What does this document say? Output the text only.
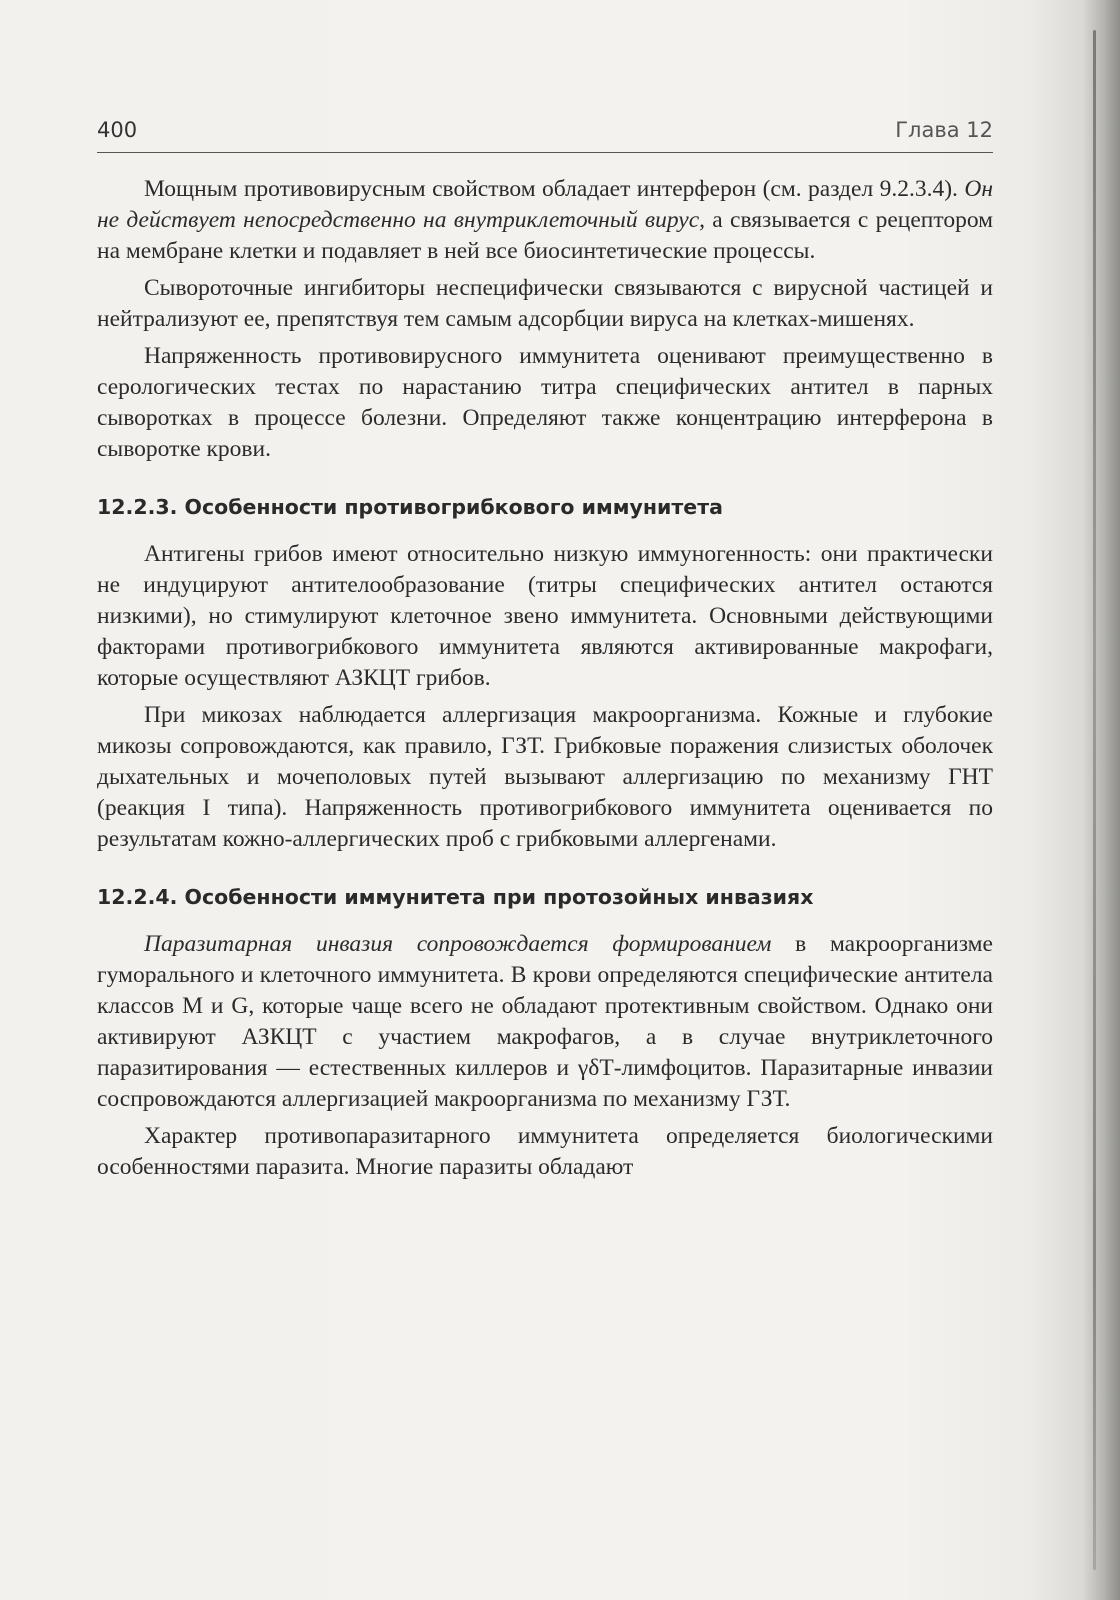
400	Глава 12

Мощным противовирусным свойством обладает интерферон (см. раздел 9.2.3.4). Он не действует непосредственно на внутриклеточный вирус, а связывается с рецептором на мембране клетки и подавляет в ней все биосинтетические процессы.

Сывороточные ингибиторы неспецифически связываются с вирусной частицей и нейтрализуют ее, препятствуя тем самым адсорбции вируса на клетках-мишенях.

Напряженность противовирусного иммунитета оценивают преимущественно в серологических тестах по нарастанию титра специфических антител в парных сыворотках в процессе болезни. Определяют также концентрацию интерферона в сыворотке крови.

12.2.3. Особенности противогрибкового иммунитета

Антигены грибов имеют относительно низкую иммуногенность: они практически не индуцируют антителообразование (титры специфических антител остаются низкими), но стимулируют клеточное звено иммунитета. Основными действующими факторами противогрибкового иммунитета являются активированные макрофаги, которые осуществляют АЗКЦТ грибов.

При микозах наблюдается аллергизация макроорганизма. Кожные и глубокие микозы сопровождаются, как правило, ГЗТ. Грибковые поражения слизистых оболочек дыхательных и мочеполовых путей вызывают аллергизацию по механизму ГНТ (реакция I типа). Напряженность противогрибкового иммунитета оценивается по результатам кожно-аллергических проб с грибковыми аллергенами.

12.2.4. Особенности иммунитета при протозойных инвазиях

Паразитарная инвазия сопровождается формированием в макроорганизме гуморального и клеточного иммунитета. В крови определяются специфические антитела классов M и G, которые чаще всего не обладают протективным свойством. Однако они активируют АЗКЦТ с участием макрофагов, а в случае внутриклеточного паразитирования — естественных киллеров и γδТ-лимфоцитов. Паразитарные инвазии соспровождаются аллергизацией макроорганизма по механизму ГЗТ.

Характер противопаразитарного иммунитета определяется биологическими особенностями паразита. Многие паразиты обладают
